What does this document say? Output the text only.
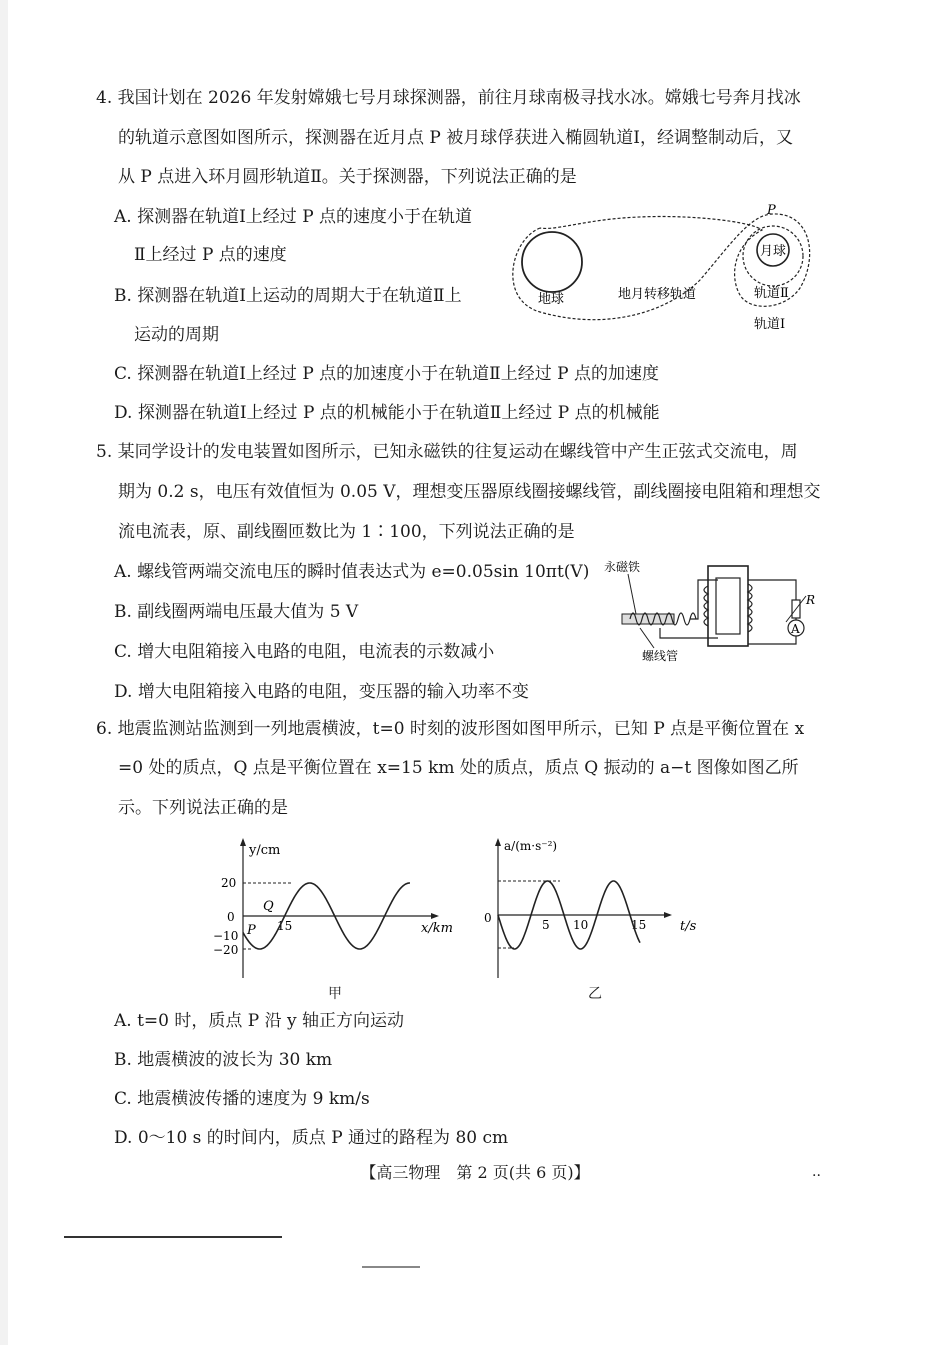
4. 我国计划在 2026 年发射嫦娥七号月球探测器，前往月球南极寻找水冰。嫦娥七号奔月找冰
的轨道示意图如图所示，探测器在近月点 P 被月球俘获进入椭圆轨道Ⅰ，经调整制动后，又
从 P 点进入环月圆形轨道Ⅱ。关于探测器，下列说法正确的是
A. 探测器在轨道Ⅰ上经过 P 点的速度小于在轨道
Ⅱ上经过 P 点的速度
B. 探测器在轨道Ⅰ上运动的周期大于在轨道Ⅱ上
运动的周期
C. 探测器在轨道Ⅰ上经过 P 点的加速度小于在轨道Ⅱ上经过 P 点的加速度
D. 探测器在轨道Ⅰ上经过 P 点的机械能小于在轨道Ⅱ上经过 P 点的机械能
月球
P
地球	地月转移轨道	轨道Ⅱ
轨道Ⅰ
5. 某同学设计的发电装置如图所示，已知永磁铁的往复运动在螺线管中产生正弦式交流电，周
期为 0.2 s，电压有效值恒为 0.05 V，理想变压器原线圈接螺线管，副线圈接电阻箱和理想交
流电流表，原、副线圈匝数比为 1∶100，下列说法正确的是
A. 螺线管两端交流电压的瞬时值表达式为 e=0.05sin 10πt(V)
B. 副线圈两端电压最大值为 5 V
C. 增大电阻箱接入电路的电阻，电流表的示数减小
D. 增大电阻箱接入电路的电阻，变压器的输入功率不变
永磁铁
螺线管
R
A
6. 地震监测站监测到一列地震横波，t=0 时刻的波形图如图甲所示，已知 P 点是平衡位置在 x
=0 处的质点，Q 点是平衡位置在 x=15 km 处的质点，质点 Q 振动的 a−t 图像如图乙所
示。下列说法正确的是
y/cm
x/km
20
0
−10
−20
15
P
Q
甲
a/(m·s⁻²)
t/s
0	5 10	15
乙
A. t=0 时，质点 P 沿 y 轴正方向运动
B. 地震横波的波长为 30 km
C. 地震横波传播的速度为 9 km/s
D. 0～10 s 的时间内，质点 P 通过的路程为 80 cm
【高三物理　第 2 页(共 6 页)】	..
